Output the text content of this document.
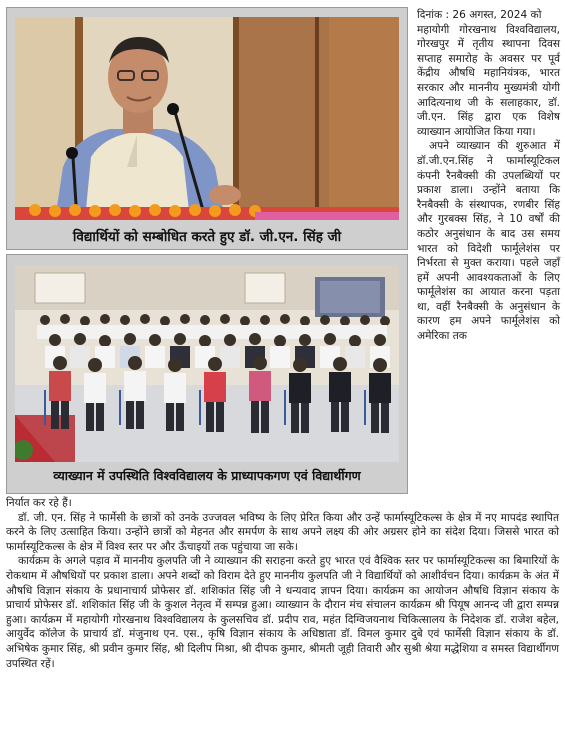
विद्यार्थियों को सम्बोधित करते हुए डॉ. जी.एन. सिंह जी
व्याख्यान में उपस्थिति विश्वविद्यालय के प्राध्यापकगण एवं विद्यार्थीगण

दिनांक : 26 अगस्त, 2024 को

महायोगी गोरखनाथ विश्वविद्यालय, गोरखपुर में तृतीय स्थापना दिवस सप्ताह समारोह के अवसर पर पूर्व केंद्रीय औषधि महानियंत्रक, भारत सरकार और माननीय मुख्यमंत्री योगी आदित्यनाथ जी के सलाहकार, डॉ. जी.एन. सिंह द्वारा एक विशेष व्याख्यान आयोजित किया गया।

अपने व्याख्यान की शुरुआत में डॉ.जी.एन.सिंह ने फार्मास्यूटिकल कंपनी रैनबैक्सी की उपलब्धियों पर प्रकाश डाला। उन्होंने बताया कि रैनबैक्सी के संस्थापक, रणबीर सिंह और गुरबक्स सिंह, ने 10 वर्षों की कठोर अनुसंधान के बाद उस समय भारत को विदेशी फार्मूलेशंस पर निर्भरता से मुक्त कराया। पहले जहाँ हमें अपनी आवश्यकताओं के लिए फार्मूलेशंस का आयात करना पड़ता था, वहीं रैनबैक्सी के अनुसंधान के कारण हम अपने फार्मूलेशंस को अमेरिका तक

निर्यात कर रहे हैं।

डॉ. जी. एन. सिंह ने फार्मेसी के छात्रों को उनके उज्जवल भविष्य के लिए प्रेरित किया और उन्हें फार्मास्यूटिकल्स के क्षेत्र में नए मापदंड स्थापित करने के लिए उत्साहित किया। उन्होंने छात्रों को मेहनत और समर्पण के साथ अपने लक्ष्य की ओर अग्रसर होने का संदेश दिया। जिससे भारत को फार्मास्यूटिकल्स के क्षेत्र में विश्व स्तर पर और ऊँचाइयों तक पहुंचाया जा सके।

कार्यक्रम के अगले पड़ाव में माननीय कुलपति जी ने व्याख्यान की सराहना करते हुए भारत एवं वैश्विक स्तर पर फार्मास्यूटिकल्स का बिमारियों के रोकथाम में औषधियों पर प्रकाश डाला। अपने शब्दों को विराम देते हुए माननीय कुलपति जी ने विद्यार्थियों को आशीर्वचन दिया। कार्यक्रम के अंत में औषधि विज्ञान संकाय के प्रधानाचार्य प्रोफेसर डॉ. शशिकांत सिंह जी ने धन्यवाद ज्ञापन दिया। कार्यक्रम का आयोजन औषधि विज्ञान संकाय के प्राचार्य प्रोफेसर डॉ. शशिकांत सिंह जी के कुशल नेतृत्व में सम्पन्न हुआ। व्याख्यान के दौरान मंच संचालन कार्यक्रम श्री पियूष आनन्द जी द्वारा सम्पन्न हुआ। कार्यक्रम में महायोगी गोरखनाथ विश्वविद्यालय के कुलसचिव डॉ. प्रदीप राव, महंत दिग्विजयनाथ चिकित्सालय के निदेशक डॉ. राजेश बहेल, आयुर्वेद कॉलेज के प्राचार्य डॉ. मंजुनाथ एन. एस., कृषि विज्ञान संकाय के अधिष्ठाता डॉ. विमल कुमार दुबे एवं फार्मेसी विज्ञान संकाय के डॉ. अभिषेक कुमार सिंह, श्री प्रवीन कुमार सिंह, श्री दिलीप मिश्रा, श्री दीपक कुमार, श्रीमती जूही तिवारी और सुश्री श्रेया मद्धेशिया व समस्त विद्यार्थीगण उपस्थित रहें।
